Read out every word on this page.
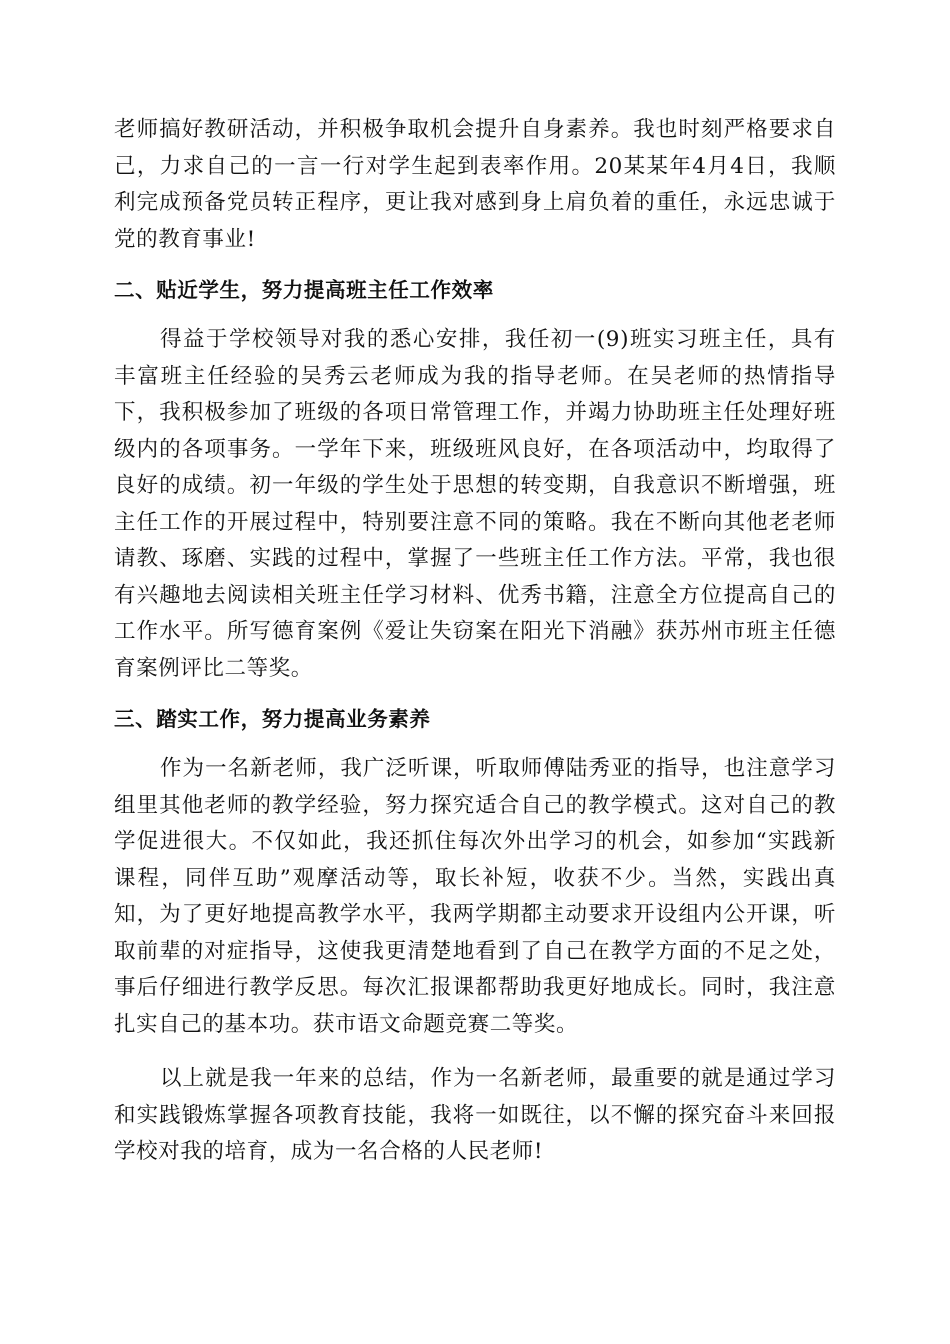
老师搞好教研活动，并积极争取机会提升自身素养。我也时刻严格要求自
己，力求自己的一言一行对学生起到表率作用。20某某年4月4日，我顺
利完成预备党员转正程序，更让我对感到身上肩负着的重任，永远忠诚于
党的教育事业!
二、贴近学生，努力提高班主任工作效率
得益于学校领导对我的悉心安排，我任初一(9)班实习班主任，具有
丰富班主任经验的吴秀云老师成为我的指导老师。在吴老师的热情指导
下，我积极参加了班级的各项日常管理工作，并竭力协助班主任处理好班
级内的各项事务。一学年下来，班级班风良好，在各项活动中，均取得了
良好的成绩。初一年级的学生处于思想的转变期，自我意识不断增强，班
主任工作的开展过程中，特别要注意不同的策略。我在不断向其他老老师
请教、琢磨、实践的过程中，掌握了一些班主任工作方法。平常，我也很
有兴趣地去阅读相关班主任学习材料、优秀书籍，注意全方位提高自己的
工作水平。所写德育案例《爱让失窃案在阳光下消融》获苏州市班主任德
育案例评比二等奖。
三、踏实工作，努力提高业务素养
作为一名新老师，我广泛听课，听取师傅陆秀亚的指导，也注意学习
组里其他老师的教学经验，努力探究适合自己的教学模式。这对自己的教
学促进很大。不仅如此，我还抓住每次外出学习的机会，如参加“实践新
课程，同伴互助”观摩活动等，取长补短，收获不少。当然，实践出真
知，为了更好地提高教学水平，我两学期都主动要求开设组内公开课，听
取前辈的对症指导，这使我更清楚地看到了自己在教学方面的不足之处，
事后仔细进行教学反思。每次汇报课都帮助我更好地成长。同时，我注意
扎实自己的基本功。获市语文命题竞赛二等奖。
以上就是我一年来的总结，作为一名新老师，最重要的就是通过学习
和实践锻炼掌握各项教育技能，我将一如既往，以不懈的探究奋斗来回报
学校对我的培育，成为一名合格的人民老师!
